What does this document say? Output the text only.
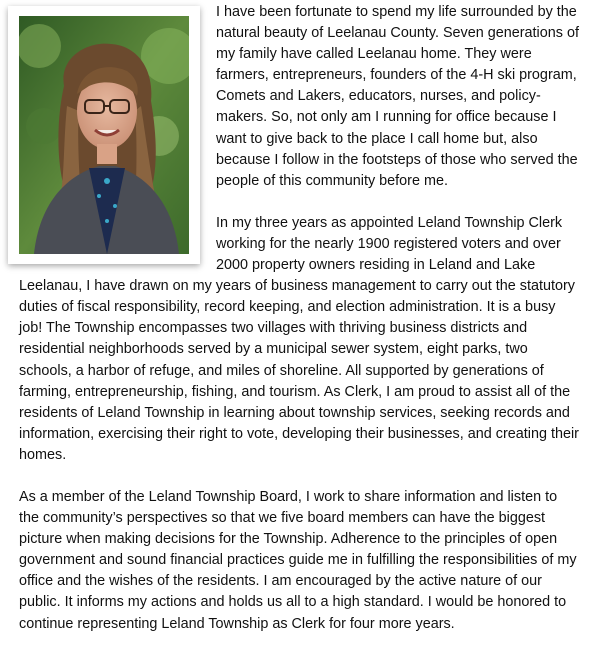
I have been fortunate to spend my life surrounded by the natural beauty of Leelanau County. Seven generations of my family have called Leelanau home. They were farmers, entrepreneurs, founders of the 4-H ski program, Comets and Lakers, educators, nurses, and policy-makers. So, not only am I running for office because I want to give back to the place I call home but, also because I follow in the footsteps of those who served the people of this community before me.

In my three years as appointed Leland Township Clerk working for the nearly 1900 registered voters and over 2000 property owners residing in Leland and Lake Leelanau, I have drawn on my years of business management to carry out the statutory duties of fiscal responsibility, record keeping, and election administration. It is a busy job! The Township encompasses two villages with thriving business districts and residential neighborhoods served by a municipal sewer system, eight parks, two schools, a harbor of refuge, and miles of shoreline. All supported by generations of farming, entrepreneurship, fishing, and tourism. As Clerk, I am proud to assist all of the residents of Leland Township in learning about township services, seeking records and information, exercising their right to vote, developing their businesses, and creating their homes.

As a member of the Leland Township Board, I work to share information and listen to the community’s perspectives so that we five board members can have the biggest picture when making decisions for the Township. Adherence to the principles of open government and sound financial practices guide me in fulfilling the responsibilities of my office and the wishes of the residents. I am encouraged by the active nature of our public. It informs my actions and holds us all to a high standard. I would be honored to continue representing Leland Township as Clerk for four more years.
